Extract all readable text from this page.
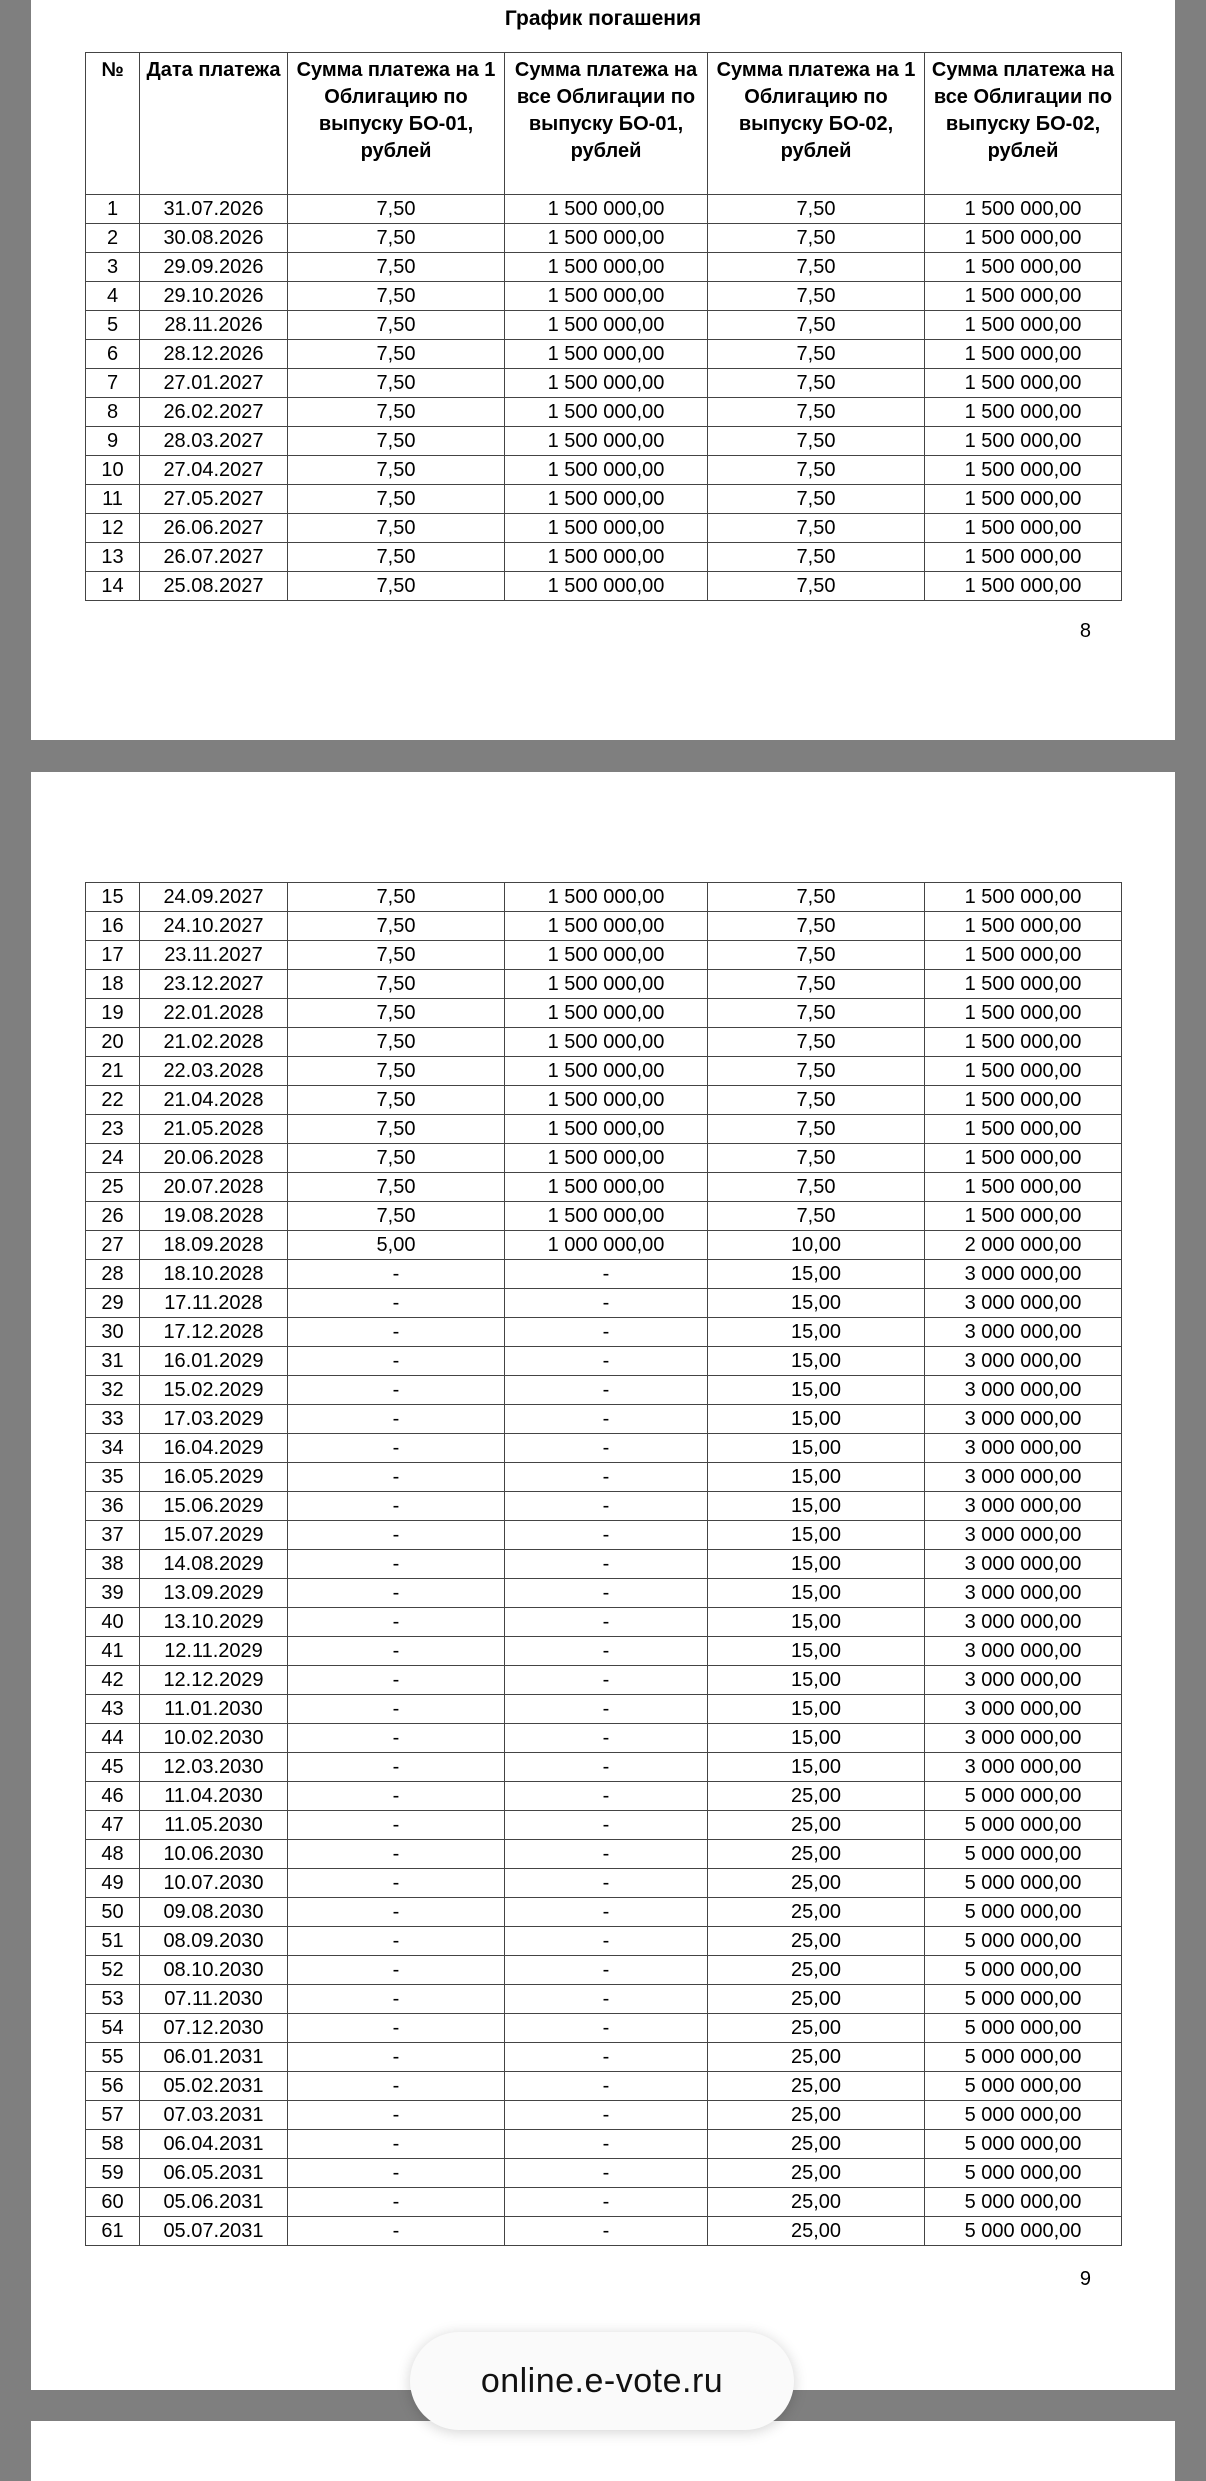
График погашения
№	Дата платежа	Сумма платежа на 1 Облигацию по выпуску БО-01, рублей	Сумма платежа на все Облигации по выпуску БО-01, рублей	Сумма платежа на 1 Облигацию по выпуску БО-02, рублей	Сумма платежа на все Облигации по выпуску БО-02, рублей
1	31.07.2026	7,50	1 500 000,00	7,50	1 500 000,00
2	30.08.2026	7,50	1 500 000,00	7,50	1 500 000,00
3	29.09.2026	7,50	1 500 000,00	7,50	1 500 000,00
4	29.10.2026	7,50	1 500 000,00	7,50	1 500 000,00
5	28.11.2026	7,50	1 500 000,00	7,50	1 500 000,00
6	28.12.2026	7,50	1 500 000,00	7,50	1 500 000,00
7	27.01.2027	7,50	1 500 000,00	7,50	1 500 000,00
8	26.02.2027	7,50	1 500 000,00	7,50	1 500 000,00
9	28.03.2027	7,50	1 500 000,00	7,50	1 500 000,00
10	27.04.2027	7,50	1 500 000,00	7,50	1 500 000,00
11	27.05.2027	7,50	1 500 000,00	7,50	1 500 000,00
12	26.06.2027	7,50	1 500 000,00	7,50	1 500 000,00
13	26.07.2027	7,50	1 500 000,00	7,50	1 500 000,00
14	25.08.2027	7,50	1 500 000,00	7,50	1 500 000,00
8
15	24.09.2027	7,50	1 500 000,00	7,50	1 500 000,00
16	24.10.2027	7,50	1 500 000,00	7,50	1 500 000,00
17	23.11.2027	7,50	1 500 000,00	7,50	1 500 000,00
18	23.12.2027	7,50	1 500 000,00	7,50	1 500 000,00
19	22.01.2028	7,50	1 500 000,00	7,50	1 500 000,00
20	21.02.2028	7,50	1 500 000,00	7,50	1 500 000,00
21	22.03.2028	7,50	1 500 000,00	7,50	1 500 000,00
22	21.04.2028	7,50	1 500 000,00	7,50	1 500 000,00
23	21.05.2028	7,50	1 500 000,00	7,50	1 500 000,00
24	20.06.2028	7,50	1 500 000,00	7,50	1 500 000,00
25	20.07.2028	7,50	1 500 000,00	7,50	1 500 000,00
26	19.08.2028	7,50	1 500 000,00	7,50	1 500 000,00
27	18.09.2028	5,00	1 000 000,00	10,00	2 000 000,00
28	18.10.2028	-	-	15,00	3 000 000,00
29	17.11.2028	-	-	15,00	3 000 000,00
30	17.12.2028	-	-	15,00	3 000 000,00
31	16.01.2029	-	-	15,00	3 000 000,00
32	15.02.2029	-	-	15,00	3 000 000,00
33	17.03.2029	-	-	15,00	3 000 000,00
34	16.04.2029	-	-	15,00	3 000 000,00
35	16.05.2029	-	-	15,00	3 000 000,00
36	15.06.2029	-	-	15,00	3 000 000,00
37	15.07.2029	-	-	15,00	3 000 000,00
38	14.08.2029	-	-	15,00	3 000 000,00
39	13.09.2029	-	-	15,00	3 000 000,00
40	13.10.2029	-	-	15,00	3 000 000,00
41	12.11.2029	-	-	15,00	3 000 000,00
42	12.12.2029	-	-	15,00	3 000 000,00
43	11.01.2030	-	-	15,00	3 000 000,00
44	10.02.2030	-	-	15,00	3 000 000,00
45	12.03.2030	-	-	15,00	3 000 000,00
46	11.04.2030	-	-	25,00	5 000 000,00
47	11.05.2030	-	-	25,00	5 000 000,00
48	10.06.2030	-	-	25,00	5 000 000,00
49	10.07.2030	-	-	25,00	5 000 000,00
50	09.08.2030	-	-	25,00	5 000 000,00
51	08.09.2030	-	-	25,00	5 000 000,00
52	08.10.2030	-	-	25,00	5 000 000,00
53	07.11.2030	-	-	25,00	5 000 000,00
54	07.12.2030	-	-	25,00	5 000 000,00
55	06.01.2031	-	-	25,00	5 000 000,00
56	05.02.2031	-	-	25,00	5 000 000,00
57	07.03.2031	-	-	25,00	5 000 000,00
58	06.04.2031	-	-	25,00	5 000 000,00
59	06.05.2031	-	-	25,00	5 000 000,00
60	05.06.2031	-	-	25,00	5 000 000,00
61	05.07.2031	-	-	25,00	5 000 000,00
9
online.e-vote.ru
